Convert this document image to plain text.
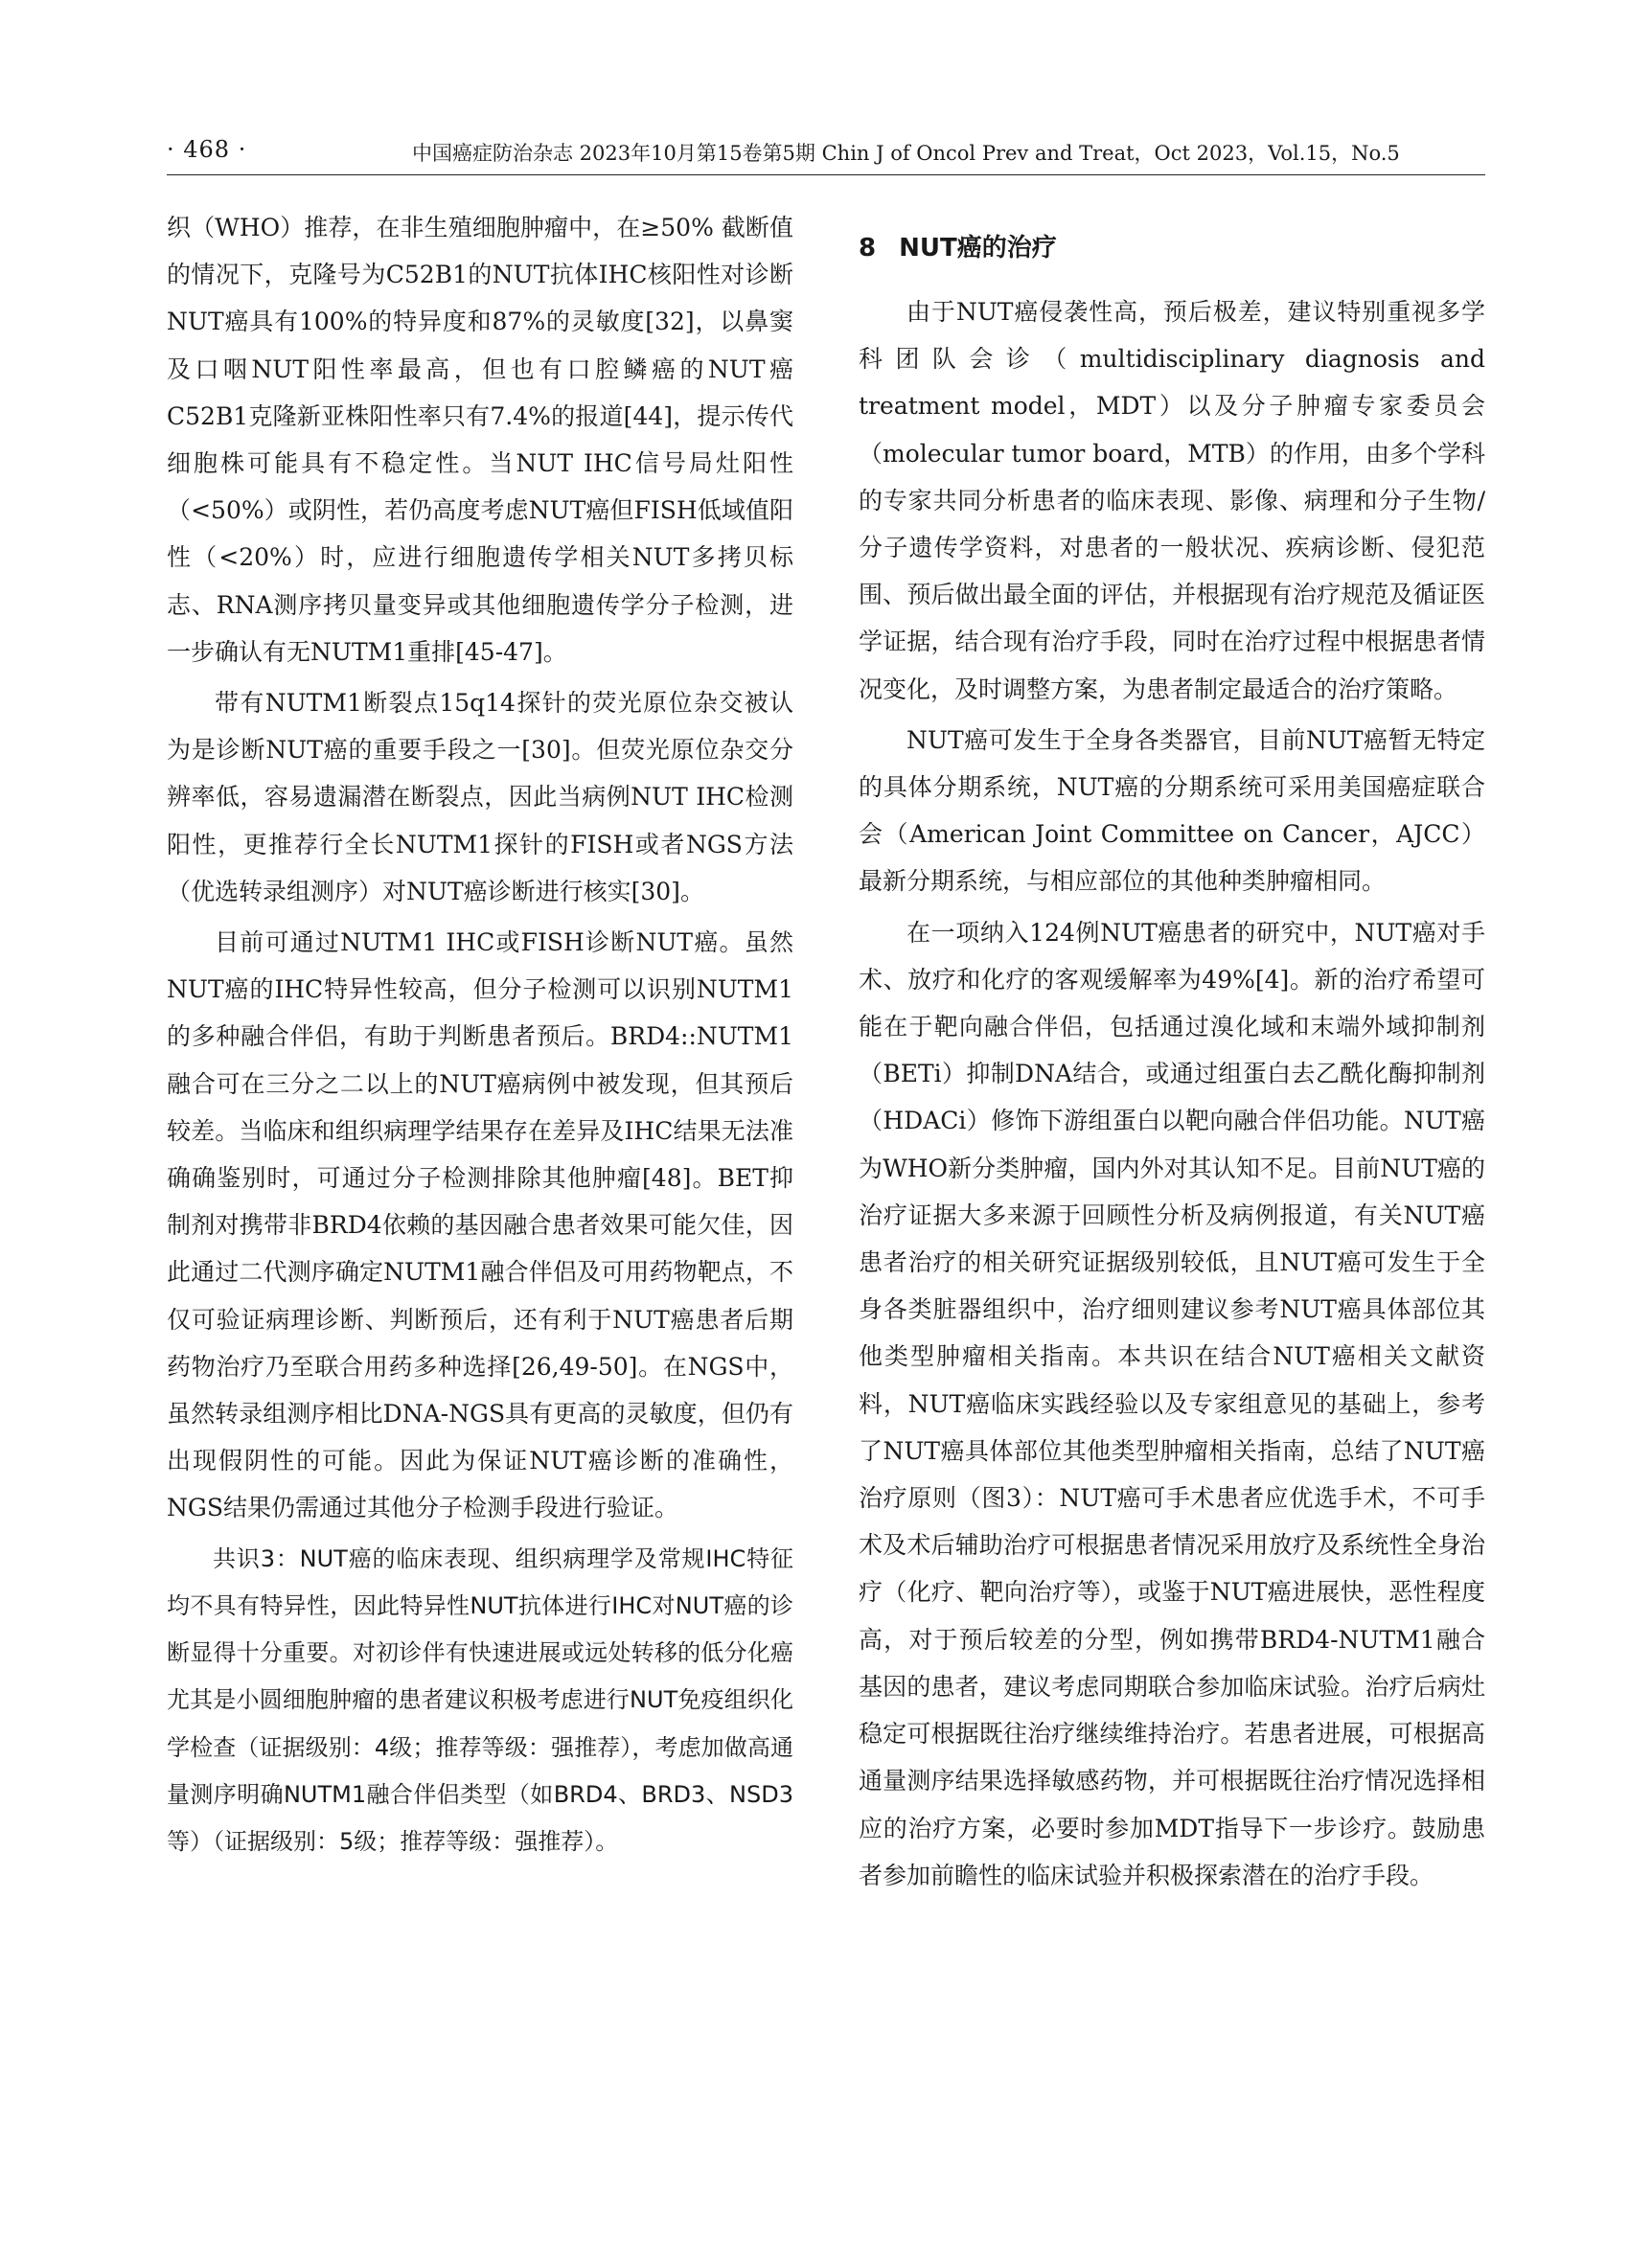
· 468 ·	中国癌症防治杂志 2023年10月第15卷第5期 Chin J of Oncol Prev and Treat，Oct 2023，Vol.15，No.5

织（WHO）推荐，在非生殖细胞肿瘤中，在≥50% 截断值的情况下，克隆号为C52B1的NUT抗体IHC核阳性对诊断NUT癌具有100%的特异度和87%的灵敏度[32]，以鼻窦及口咽NUT阳性率最高，但也有口腔鳞癌的NUT癌C52B1克隆新亚株阳性率只有7.4%的报道[44]，提示传代细胞株可能具有不稳定性。当NUT IHC信号局灶阳性（<50%）或阴性，若仍高度考虑NUT癌但FISH低域值阳性（<20%）时，应进行细胞遗传学相关NUT多拷贝标志、RNA测序拷贝量变异或其他细胞遗传学分子检测，进一步确认有无NUTM1重排[45-47]。

带有NUTM1断裂点15q14探针的荧光原位杂交被认为是诊断NUT癌的重要手段之一[30]。但荧光原位杂交分辨率低，容易遗漏潜在断裂点，因此当病例NUT IHC检测阳性，更推荐行全长NUTM1探针的FISH或者NGS方法（优选转录组测序）对NUT癌诊断进行核实[30]。

目前可通过NUTM1 IHC或FISH诊断NUT癌。虽然NUT癌的IHC特异性较高，但分子检测可以识别NUTM1的多种融合伴侣，有助于判断患者预后。BRD4::NUTM1融合可在三分之二以上的NUT癌病例中被发现，但其预后较差。当临床和组织病理学结果存在差异及IHC结果无法准确确鉴别时，可通过分子检测排除其他肿瘤[48]。BET抑制剂对携带非BRD4依赖的基因融合患者效果可能欠佳，因此通过二代测序确定NUTM1融合伴侣及可用药物靶点，不仅可验证病理诊断、判断预后，还有利于NUT癌患者后期药物治疗乃至联合用药多种选择[26,49-50]。在NGS中，虽然转录组测序相比DNA-NGS具有更高的灵敏度，但仍有出现假阴性的可能。因此为保证NUT癌诊断的准确性，NGS结果仍需通过其他分子检测手段进行验证。

共识3：NUT癌的临床表现、组织病理学及常规IHC特征均不具有特异性，因此特异性NUT抗体进行IHC对NUT癌的诊断显得十分重要。对初诊伴有快速进展或远处转移的低分化癌尤其是小圆细胞肿瘤的患者建议积极考虑进行NUT免疫组织化学检查（证据级别：4级；推荐等级：强推荐），考虑加做高通量测序明确NUTM1融合伴侣类型（如BRD4、BRD3、NSD3等）（证据级别：5级；推荐等级：强推荐）。

8 NUT癌的治疗

由于NUT癌侵袭性高，预后极差，建议特别重视多学科团队会诊（multidisciplinary diagnosis and treatment model，MDT）以及分子肿瘤专家委员会（molecular tumor board，MTB）的作用，由多个学科的专家共同分析患者的临床表现、影像、病理和分子生物/分子遗传学资料，对患者的一般状况、疾病诊断、侵犯范围、预后做出最全面的评估，并根据现有治疗规范及循证医学证据，结合现有治疗手段，同时在治疗过程中根据患者情况变化，及时调整方案，为患者制定最适合的治疗策略。

NUT癌可发生于全身各类器官，目前NUT癌暂无特定的具体分期系统，NUT癌的分期系统可采用美国癌症联合会（American Joint Committee on Cancer，AJCC）最新分期系统，与相应部位的其他种类肿瘤相同。

在一项纳入124例NUT癌患者的研究中，NUT癌对手术、放疗和化疗的客观缓解率为49%[4]。新的治疗希望可能在于靶向融合伴侣，包括通过溴化域和末端外域抑制剂（BETi）抑制DNA结合，或通过组蛋白去乙酰化酶抑制剂（HDACi）修饰下游组蛋白以靶向融合伴侣功能。NUT癌为WHO新分类肿瘤，国内外对其认知不足。目前NUT癌的治疗证据大多来源于回顾性分析及病例报道，有关NUT癌患者治疗的相关研究证据级别较低，且NUT癌可发生于全身各类脏器组织中，治疗细则建议参考NUT癌具体部位其他类型肿瘤相关指南。本共识在结合NUT癌相关文献资料，NUT癌临床实践经验以及专家组意见的基础上，参考了NUT癌具体部位其他类型肿瘤相关指南，总结了NUT癌治疗原则（图3）：NUT癌可手术患者应优选手术，不可手术及术后辅助治疗可根据患者情况采用放疗及系统性全身治疗（化疗、靶向治疗等），或鉴于NUT癌进展快，恶性程度高，对于预后较差的分型，例如携带BRD4-NUTM1融合基因的患者，建议考虑同期联合参加临床试验。治疗后病灶稳定可根据既往治疗继续维持治疗。若患者进展，可根据高通量测序结果选择敏感药物，并可根据既往治疗情况选择相应的治疗方案，必要时参加MDT指导下一步诊疗。鼓励患者参加前瞻性的临床试验并积极探索潜在的治疗手段。
